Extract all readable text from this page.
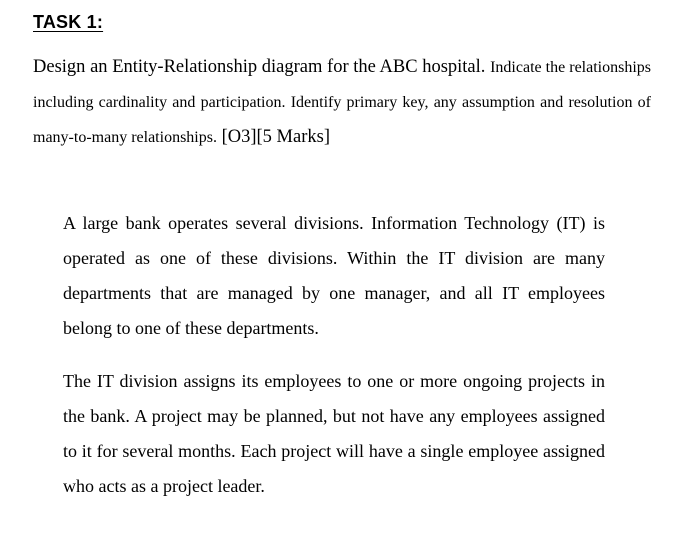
TASK 1:
Design an Entity-Relationship diagram for the ABC hospital. Indicate the relationships including cardinality and participation. Identify primary key, any assumption and resolution of many-to-many relationships. [O3][5 Marks]
A large bank operates several divisions. Information Technology (IT) is operated as one of these divisions. Within the IT division are many departments that are managed by one manager, and all IT employees belong to one of these departments.
The IT division assigns its employees to one or more ongoing projects in the bank. A project may be planned, but not have any employees assigned to it for several months. Each project will have a single employee assigned who acts as a project leader.
